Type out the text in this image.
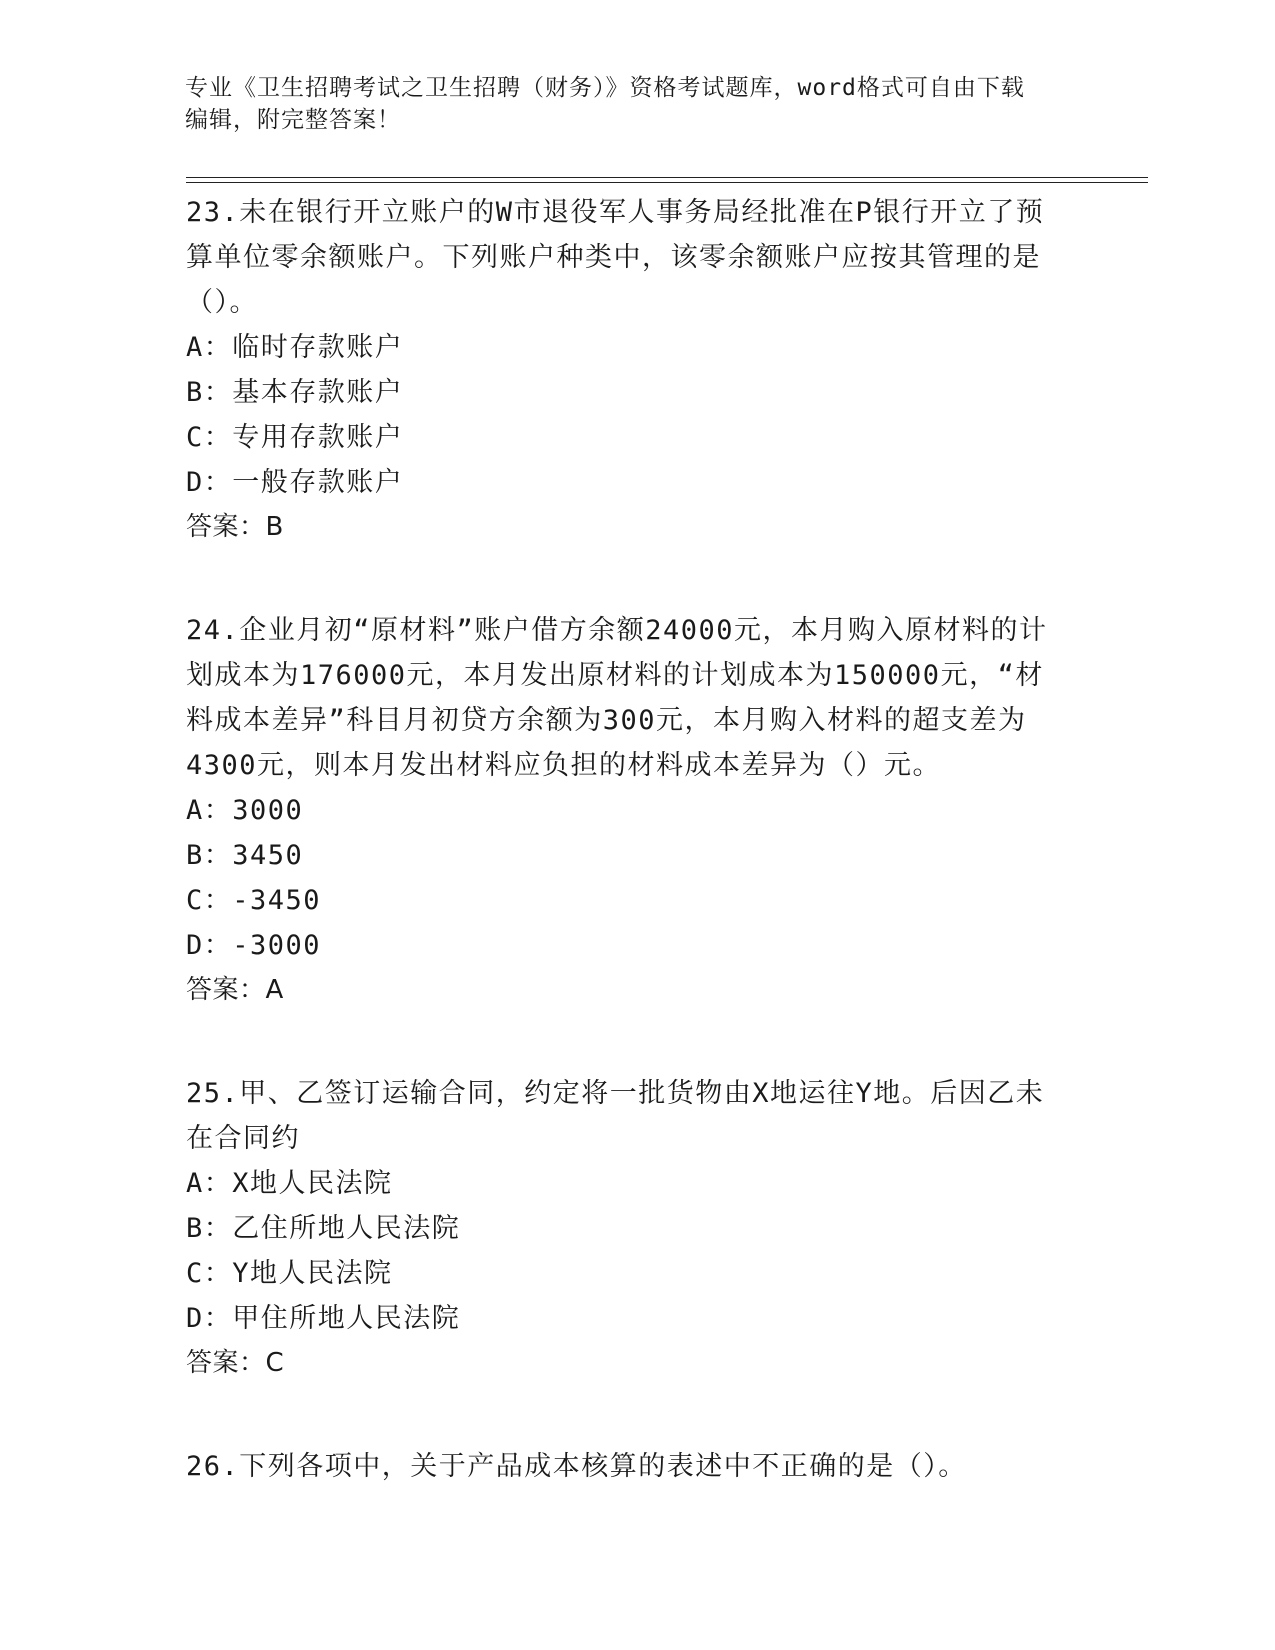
专业《卫生招聘考试之卫生招聘（财务）》资格考试题库，word格式可自由下载
编辑，附完整答案！

23.未在银行开立账户的W市退役军人事务局经批准在P银行开立了预算单位零余额账户。下列账户种类中，该零余额账户应按其管理的是（）。

A：临时存款账户

B：基本存款账户

C：专用存款账户

D：一般存款账户

答案：B

24.企业月初“原材料”账户借方余额24000元，本月购入原材料的计划成本为176000元，本月发出原材料的计划成本为150000元，“材料成本差异”科目月初贷方余额为300元，本月购入材料的超支差为4300元，则本月发出材料应负担的材料成本差异为（）元。

A：3000

B：3450

C：-3450

D：-3000

答案：A

25.甲、乙签订运输合同，约定将一批货物由X地运往Y地。后因乙未在合同约

A：X地人民法院

B：乙住所地人民法院

C：Y地人民法院

D：甲住所地人民法院

答案：C

26.下列各项中，关于产品成本核算的表述中不正确的是（）。
